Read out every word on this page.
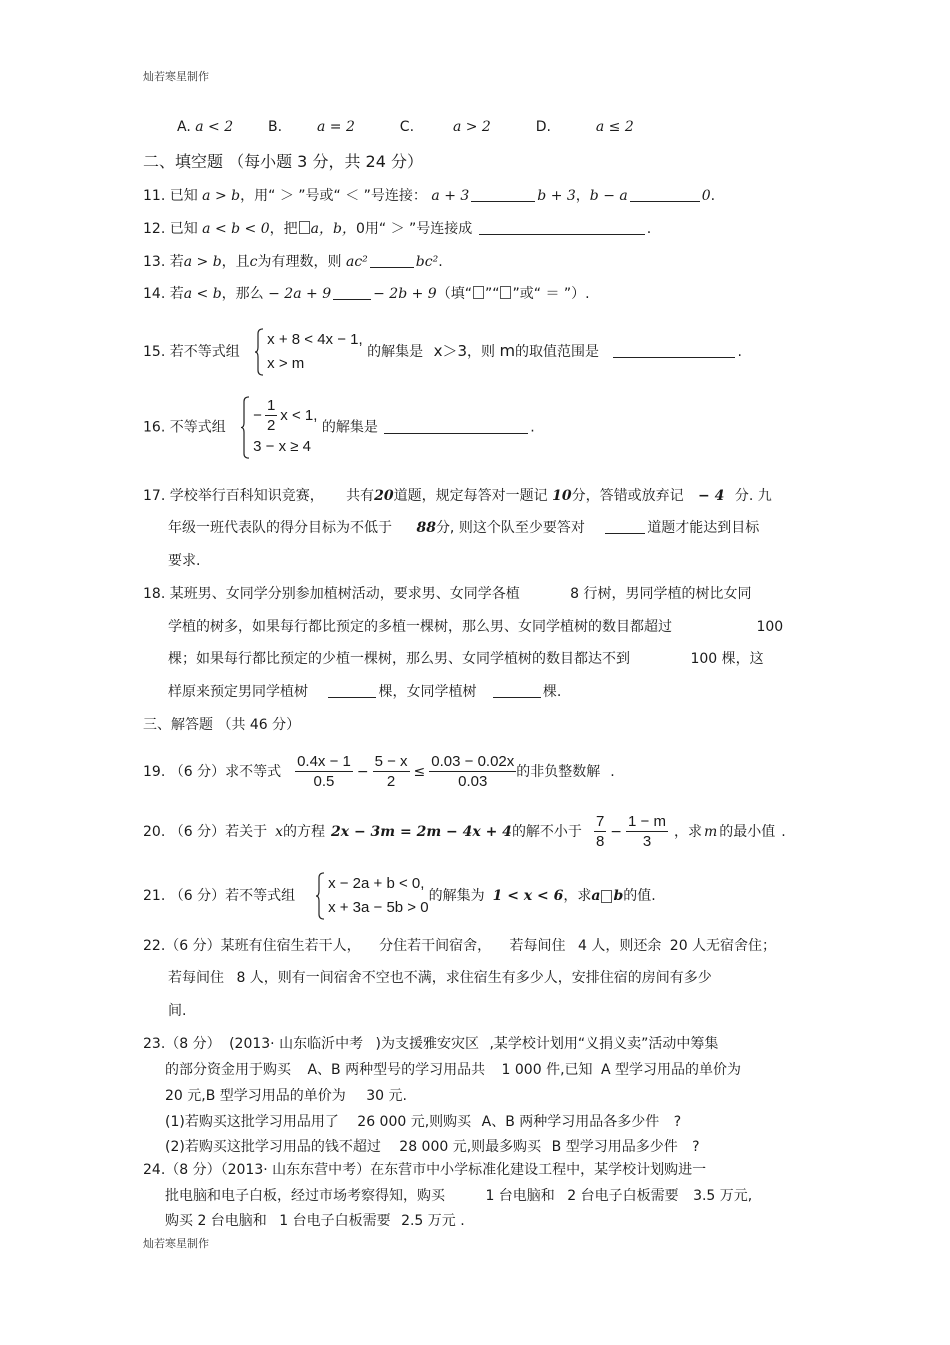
灿若寒星制作
A. a < 2 B. a = 2	C.	a > 2	D.	a ≤ 2
二、填空题 （每小题 3 分，共 24 分）
11. 已知 a > b，用“ ＞ ”号或“ ＜ ”号连接： a + 3	b + 3，b − a	0.
12. 已知 a < b < 0，把 a，b，0用“ ＞ ”号连接成	.
13. 若a > b，且c为有理数，则 ac²	bc².
14. 若a < b，那么 − 2a + 9	− 2b + 9（填“ ”“ ”或“ ＝ ”）.
15. 若不等式组
x + 8 < 4x − 1,
x > m
的解集是 x＞3，则 m的取值范围是	.
16. 不等式组
− $\frac{1}{2}$ x < 1,
3 − x ≥ 4
的解集是	.
17. 学校举行百科知识竞赛， 共有20道题，规定每答对一题记 10分，答错或放弃记 − 4 分. 九
年级一班代表队的得分目标为不低于 88分, 则这个队至少要答对	道题才能达到目标
要求.
18. 某班男、女同学分别参加植树活动，要求男、女同学各植	8 行树，男同学植的树比女同
学植的树多，如果每行都比预定的多植一棵树，那么男、女同学植树的数目都超过	100
棵；如果每行都比预定的少植一棵树，那么男、女同学植树的数目都达不到	100 棵，这
样原来预定男同学植树	棵，女同学植树	棵.
三、解答题 （共 46 分）
19. （6 分）求不等式 $\frac{0.4x - 1}{0.5} - \frac{5 - x}{2} \le \frac{0.03 - 0.02x}{0.03}$ 的非负整数解 .
20. （6 分）若关于 x 的方程 2x − 3m = 2m − 4x + 4 的解不小于 $\frac{7}{8} - \frac{1 - m}{3}$ ，求 m 的最小值 .
21. （6 分）若不等式组
x − 2a + b < 0,
x + 3a − 5b > 0
的解集为 1 < x < 6 ，求 a b 的值.
22.（6 分）某班有住宿生若干人， 分住若干间宿舍， 若每间住 4 人，则还余 20 人无宿舍住；
若每间住 8 人，则有一间宿舍不空也不满，求住宿生有多少人，安排住宿的房间有多少
间.
23.（8 分） (2013· 山东临沂中考 )为支援雅安灾区 ,某学校计划用“义捐义卖”活动中筹集
的部分资金用于购买 A、B 两种型号的学习用品共 1 000 件,已知 A 型学习用品的单价为
20 元,B 型学习用品的单价为 30 元.
(1)若购买这批学习用品用了 26 000 元,则购买 A、B 两种学习用品各多少件 ?
(2)若购买这批学习用品的钱不超过 28 000 元,则最多购买 B 型学习用品多少件 ?
24.（8 分）（2013· 山东东营中考）在东营市中小学标准化建设工程中，某学校计划购进一
批电脑和电子白板，经过市场考察得知，购买	1 台电脑和 2 台电子白板需要 3.5 万元,
购买 2 台电脑和 1 台电子白板需要 2.5 万元 .
灿若寒星制作
